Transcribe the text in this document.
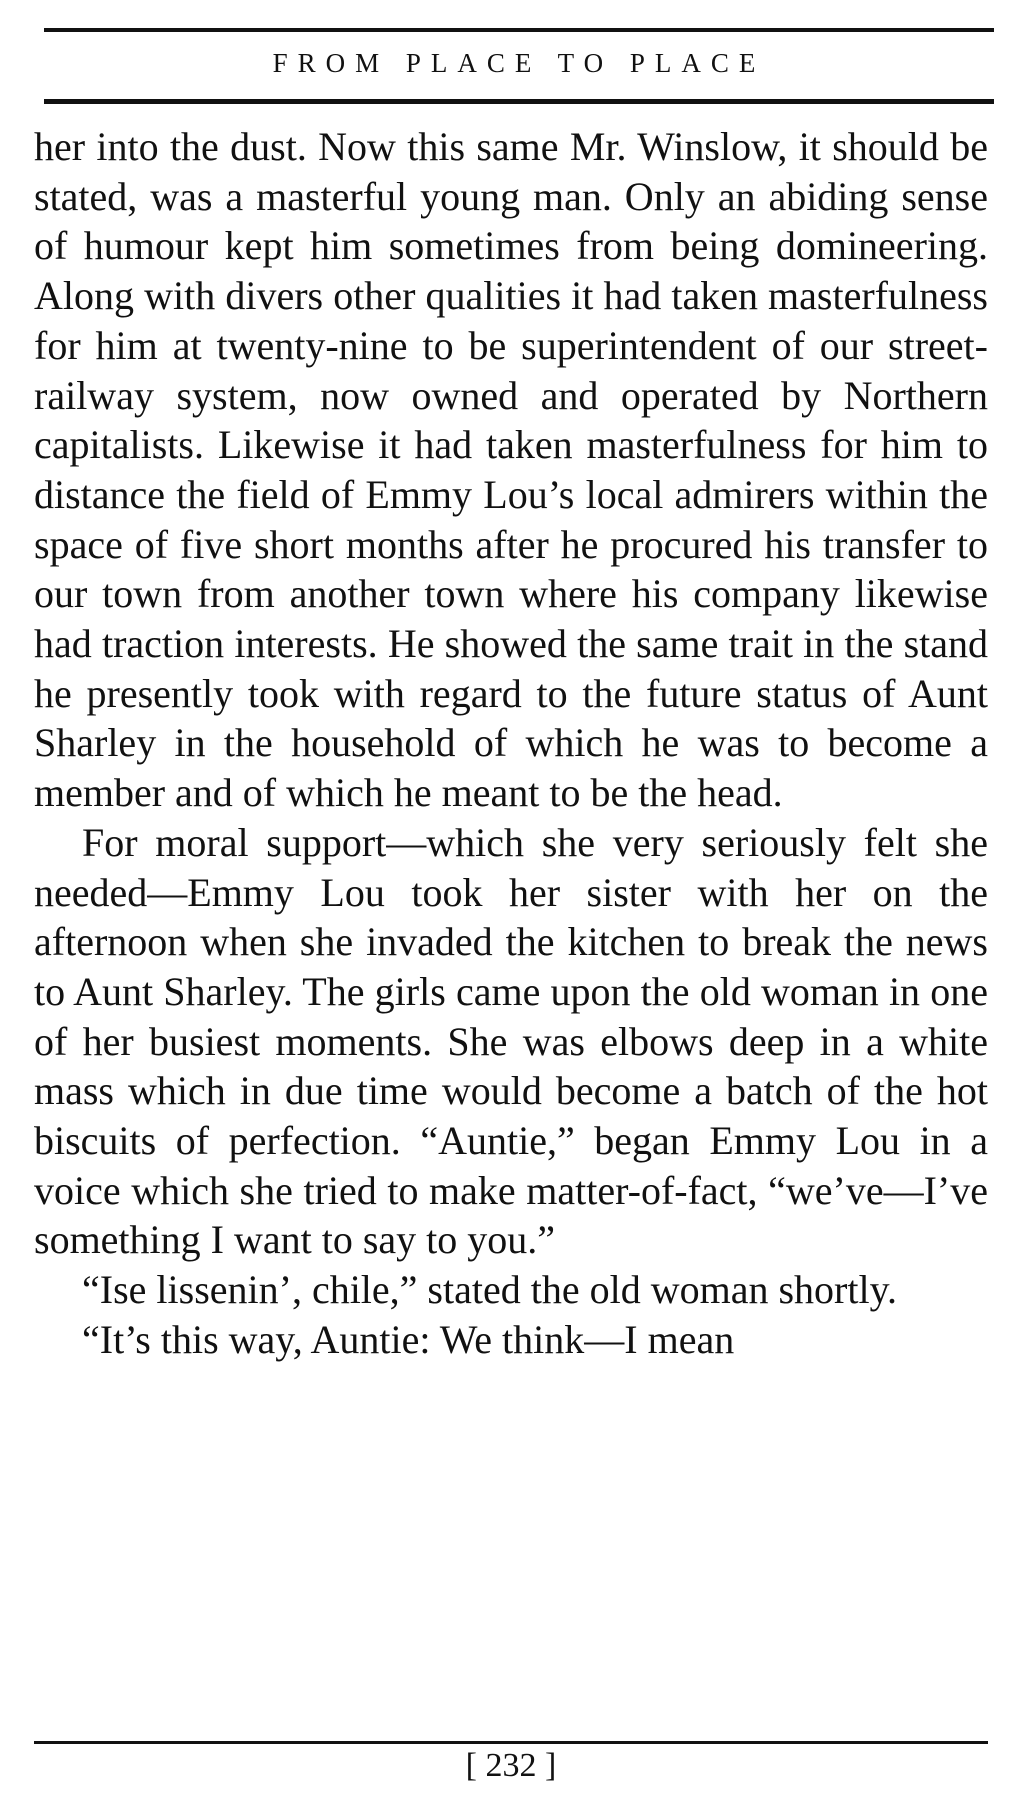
FROM PLACE TO PLACE

her into the dust. Now this same Mr. Winslow, it should be stated, was a masterful young man. Only an abiding sense of humour kept him sometimes from being domineering. Along with divers other qualities it had taken masterfulness for him at twenty-nine to be superintendent of our street-railway system, now owned and operated by Northern capitalists. Likewise it had taken masterfulness for him to distance the field of Emmy Lou’s local admirers within the space of five short months after he procured his transfer to our town from another town where his company likewise had traction interests. He showed the same trait in the stand he presently took with regard to the future status of Aunt Sharley in the household of which he was to become a member and of which he meant to be the head.

For moral support—which she very seriously felt she needed—Emmy Lou took her sister with her on the afternoon when she invaded the kitchen to break the news to Aunt Sharley. The girls came upon the old woman in one of her busiest moments. She was elbows deep in a white mass which in due time would become a batch of the hot biscuits of perfection. “Auntie,” began Emmy Lou in a voice which she tried to make matter-of-fact, “we’ve—I’ve something I want to say to you.”

“Ise lissenin’, chile,” stated the old woman shortly.

“It’s this way, Auntie: We think—I mean

[ 232 ]
